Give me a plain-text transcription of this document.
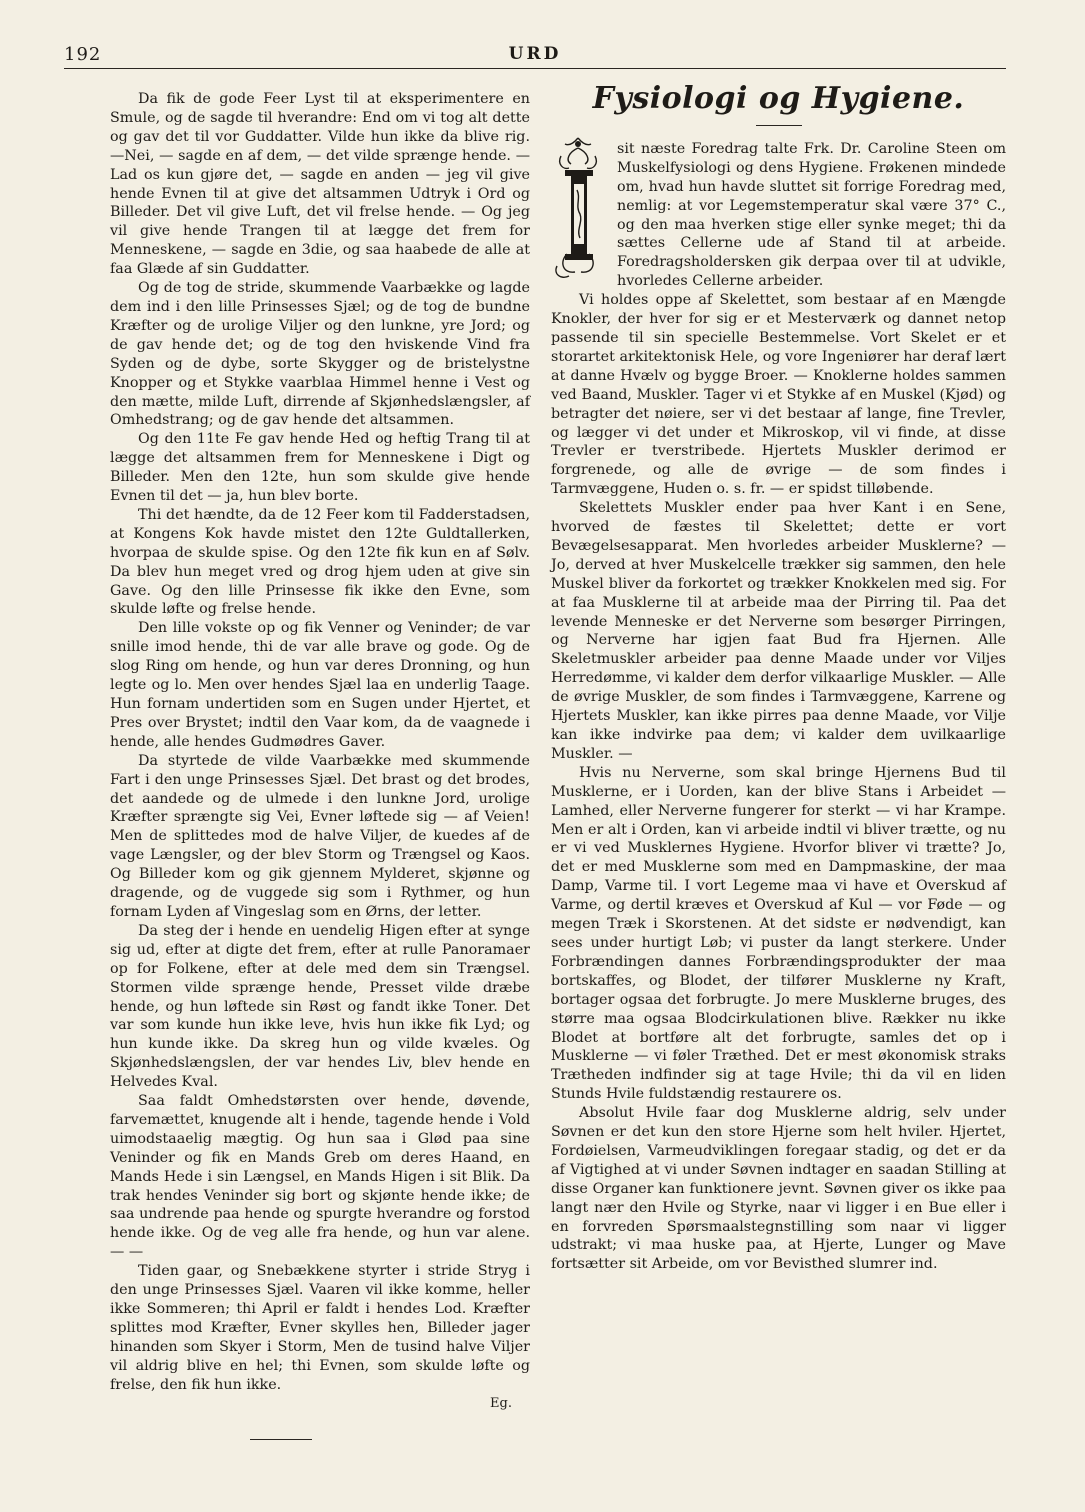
192	URD

Da fik de gode Feer Lyst til at eksperimentere en Smule, og de sagde til hverandre: End om vi tog alt dette og gav det til vor Guddatter. Vilde hun ikke da blive rig. —Nei, — sagde en af dem, — det vilde sprænge hende. — Lad os kun gjøre det, — sagde en anden — jeg vil give hende Evnen til at give det altsammen Udtryk i Ord og Billeder. Det vil give Luft, det vil frelse hende. — Og jeg vil give hende Trangen til at lægge det frem for Menneskene, — sagde en 3die, og saa haabede de alle at faa Glæde af sin Guddatter.

Og de tog de stride, skummende Vaarbække og lagde dem ind i den lille Prinsesses Sjæl; og de tog de bundne Kræfter og de urolige Viljer og den lunkne, yre Jord; og de gav hende det; og de tog den hviskende Vind fra Syden og de dybe, sorte Skygger og de bristelystne Knopper og et Stykke vaarblaa Himmel henne i Vest og den mætte, milde Luft, dirrende af Skjønhedslængsler, af Omhedstrang; og de gav hende det altsammen.

Og den 11te Fe gav hende Hed og heftig Trang til at lægge det altsammen frem for Menneskene i Digt og Billeder. Men den 12te, hun som skulde give hende Evnen til det — ja, hun blev borte.

Thi det hændte, da de 12 Feer kom til Fadderstadsen, at Kongens Kok havde mistet den 12te Guldtallerken, hvorpaa de skulde spise. Og den 12te fik kun en af Sølv. Da blev hun meget vred og drog hjem uden at give sin Gave. Og den lille Prinsesse fik ikke den Evne, som skulde løfte og frelse hende.

Den lille vokste op og fik Venner og Veninder; de var snille imod hende, thi de var alle brave og gode. Og de slog Ring om hende, og hun var deres Dronning, og hun legte og lo. Men over hendes Sjæl laa en underlig Taage. Hun fornam undertiden som en Sugen under Hjertet, et Pres over Brystet; indtil den Vaar kom, da de vaagnede i hende, alle hendes Gudmødres Gaver.

Da styrtede de vilde Vaarbække med skummende Fart i den unge Prinsesses Sjæl. Det brast og det brodes, det aandede og de ulmede i den lunkne Jord, urolige Kræfter sprængte sig Vei, Evner løftede sig — af Veien! Men de splittedes mod de halve Viljer, de kuedes af de vage Længsler, og der blev Storm og Trængsel og Kaos. Og Billeder kom og gik gjennem Mylderet, skjønne og dragende, og de vuggede sig som i Rythmer, og hun fornam Lyden af Vingeslag som en Ørns, der letter.

Da steg der i hende en uendelig Higen efter at synge sig ud, efter at digte det frem, efter at rulle Panoramaer op for Folkene, efter at dele med dem sin Trængsel. Stormen vilde sprænge hende, Presset vilde dræbe hende, og hun løftede sin Røst og fandt ikke Toner. Det var som kunde hun ikke leve, hvis hun ikke fik Lyd; og hun kunde ikke. Da skreg hun og vilde kvæles. Og Skjønhedslængslen, der var hendes Liv, blev hende en Helvedes Kval.

Saa faldt Omhedstørsten over hende, døvende, farvemættet, knugende alt i hende, tagende hende i Vold uimodstaaelig mægtig. Og hun saa i Glød paa sine Veninder og fik en Mands Greb om deres Haand, en Mands Hede i sin Længsel, en Mands Higen i sit Blik. Da trak hendes Veninder sig bort og skjønte hende ikke; de saa undrende paa hende og spurgte hverandre og forstod hende ikke. Og de veg alle fra hende, og hun var alene. — —

Tiden gaar, og Snebækkene styrter i stride Stryg i den unge Prinsesses Sjæl. Vaaren vil ikke komme, heller ikke Sommeren; thi April er faldt i hendes Lod. Kræfter splittes mod Kræfter, Evner skylles hen, Billeder jager hinanden som Skyer i Storm, Men de tusind halve Viljer vil aldrig blive en hel; thi Evnen, som skulde løfte og frelse, den fik hun ikke.

Eg.
Fysiologi og Hygiene.

sit næste Foredrag talte Frk. Dr. Caroline Steen om Muskelfysiologi og dens Hygiene. Frøkenen mindede om, hvad hun havde sluttet sit forrige Foredrag med, nemlig: at vor Legemstemperatur skal være 37° C., og den maa hverken stige eller synke meget; thi da sættes Cellerne ude af Stand til at arbeide. Foredragsholdersken gik derpaa over til at udvikle, hvorledes Cellerne arbeider.

Vi holdes oppe af Skelettet, som bestaar af en Mængde Knokler, der hver for sig er et Mesterværk og dannet netop passende til sin specielle Bestemmelse. Vort Skelet er et storartet arkitektonisk Hele, og vore Ingeniører har deraf lært at danne Hvælv og bygge Broer. — Knoklerne holdes sammen ved Baand, Muskler. Tager vi et Stykke af en Muskel (Kjød) og betragter det nøiere, ser vi det bestaar af lange, fine Trevler, og lægger vi det under et Mikroskop, vil vi finde, at disse Trevler er tverstribede. Hjertets Muskler derimod er forgrenede, og alle de øvrige — de som findes i Tarmvæggene, Huden o. s. fr. — er spidst tilløbende.

Skelettets Muskler ender paa hver Kant i en Sene, hvorved de fæstes til Skelettet; dette er vort Bevægelsesapparat. Men hvorledes arbeider Musklerne? — Jo, derved at hver Muskelcelle trækker sig sammen, den hele Muskel bliver da forkortet og trækker Knokkelen med sig. For at faa Musklerne til at arbeide maa der Pirring til. Paa det levende Menneske er det Nerverne som besørger Pirringen, og Nerverne har igjen faat Bud fra Hjernen. Alle Skeletmuskler arbeider paa denne Maade under vor Viljes Herredømme, vi kalder dem derfor vilkaarlige Muskler. — Alle de øvrige Muskler, de som findes i Tarmvæggene, Karrene og Hjertets Muskler, kan ikke pirres paa denne Maade, vor Vilje kan ikke indvirke paa dem; vi kalder dem uvilkaarlige Muskler. —

Hvis nu Nerverne, som skal bringe Hjernens Bud til Musklerne, er i Uorden, kan der blive Stans i Arbeidet — Lamhed, eller Nerverne fungerer for sterkt — vi har Krampe. Men er alt i Orden, kan vi arbeide indtil vi bliver trætte, og nu er vi ved Musklernes Hygiene. Hvorfor bliver vi trætte? Jo, det er med Musklerne som med en Dampmaskine, der maa Damp, Varme til. I vort Legeme maa vi have et Overskud af Varme, og dertil kræves et Overskud af Kul — vor Føde — og megen Træk i Skorstenen. At det sidste er nødvendigt, kan sees under hurtigt Løb; vi puster da langt sterkere. Under Forbrændingen dannes Forbrændingsprodukter der maa bortskaffes, og Blodet, der tilfører Musklerne ny Kraft, bortager ogsaa det forbrugte. Jo mere Musklerne bruges, des større maa ogsaa Blodcirkulationen blive. Rækker nu ikke Blodet at bortføre alt det forbrugte, samles det op i Musklerne — vi føler Træthed. Det er mest økonomisk straks Trætheden indfinder sig at tage Hvile; thi da vil en liden Stunds Hvile fuldstændig restaurere os.

Absolut Hvile faar dog Musklerne aldrig, selv under Søvnen er det kun den store Hjerne som helt hviler. Hjertet, Fordøielsen, Varmeudviklingen foregaar stadig, og det er da af Vigtighed at vi under Søvnen indtager en saadan Stilling at disse Organer kan funktionere jevnt. Søvnen giver os ikke paa langt nær den Hvile og Styrke, naar vi ligger i en Bue eller i en forvreden Spørsmaalstegnstilling som naar vi ligger udstrakt; vi maa huske paa, at Hjerte, Lunger og Mave fortsætter sit Arbeide, om vor Bevisthed slumrer ind.
